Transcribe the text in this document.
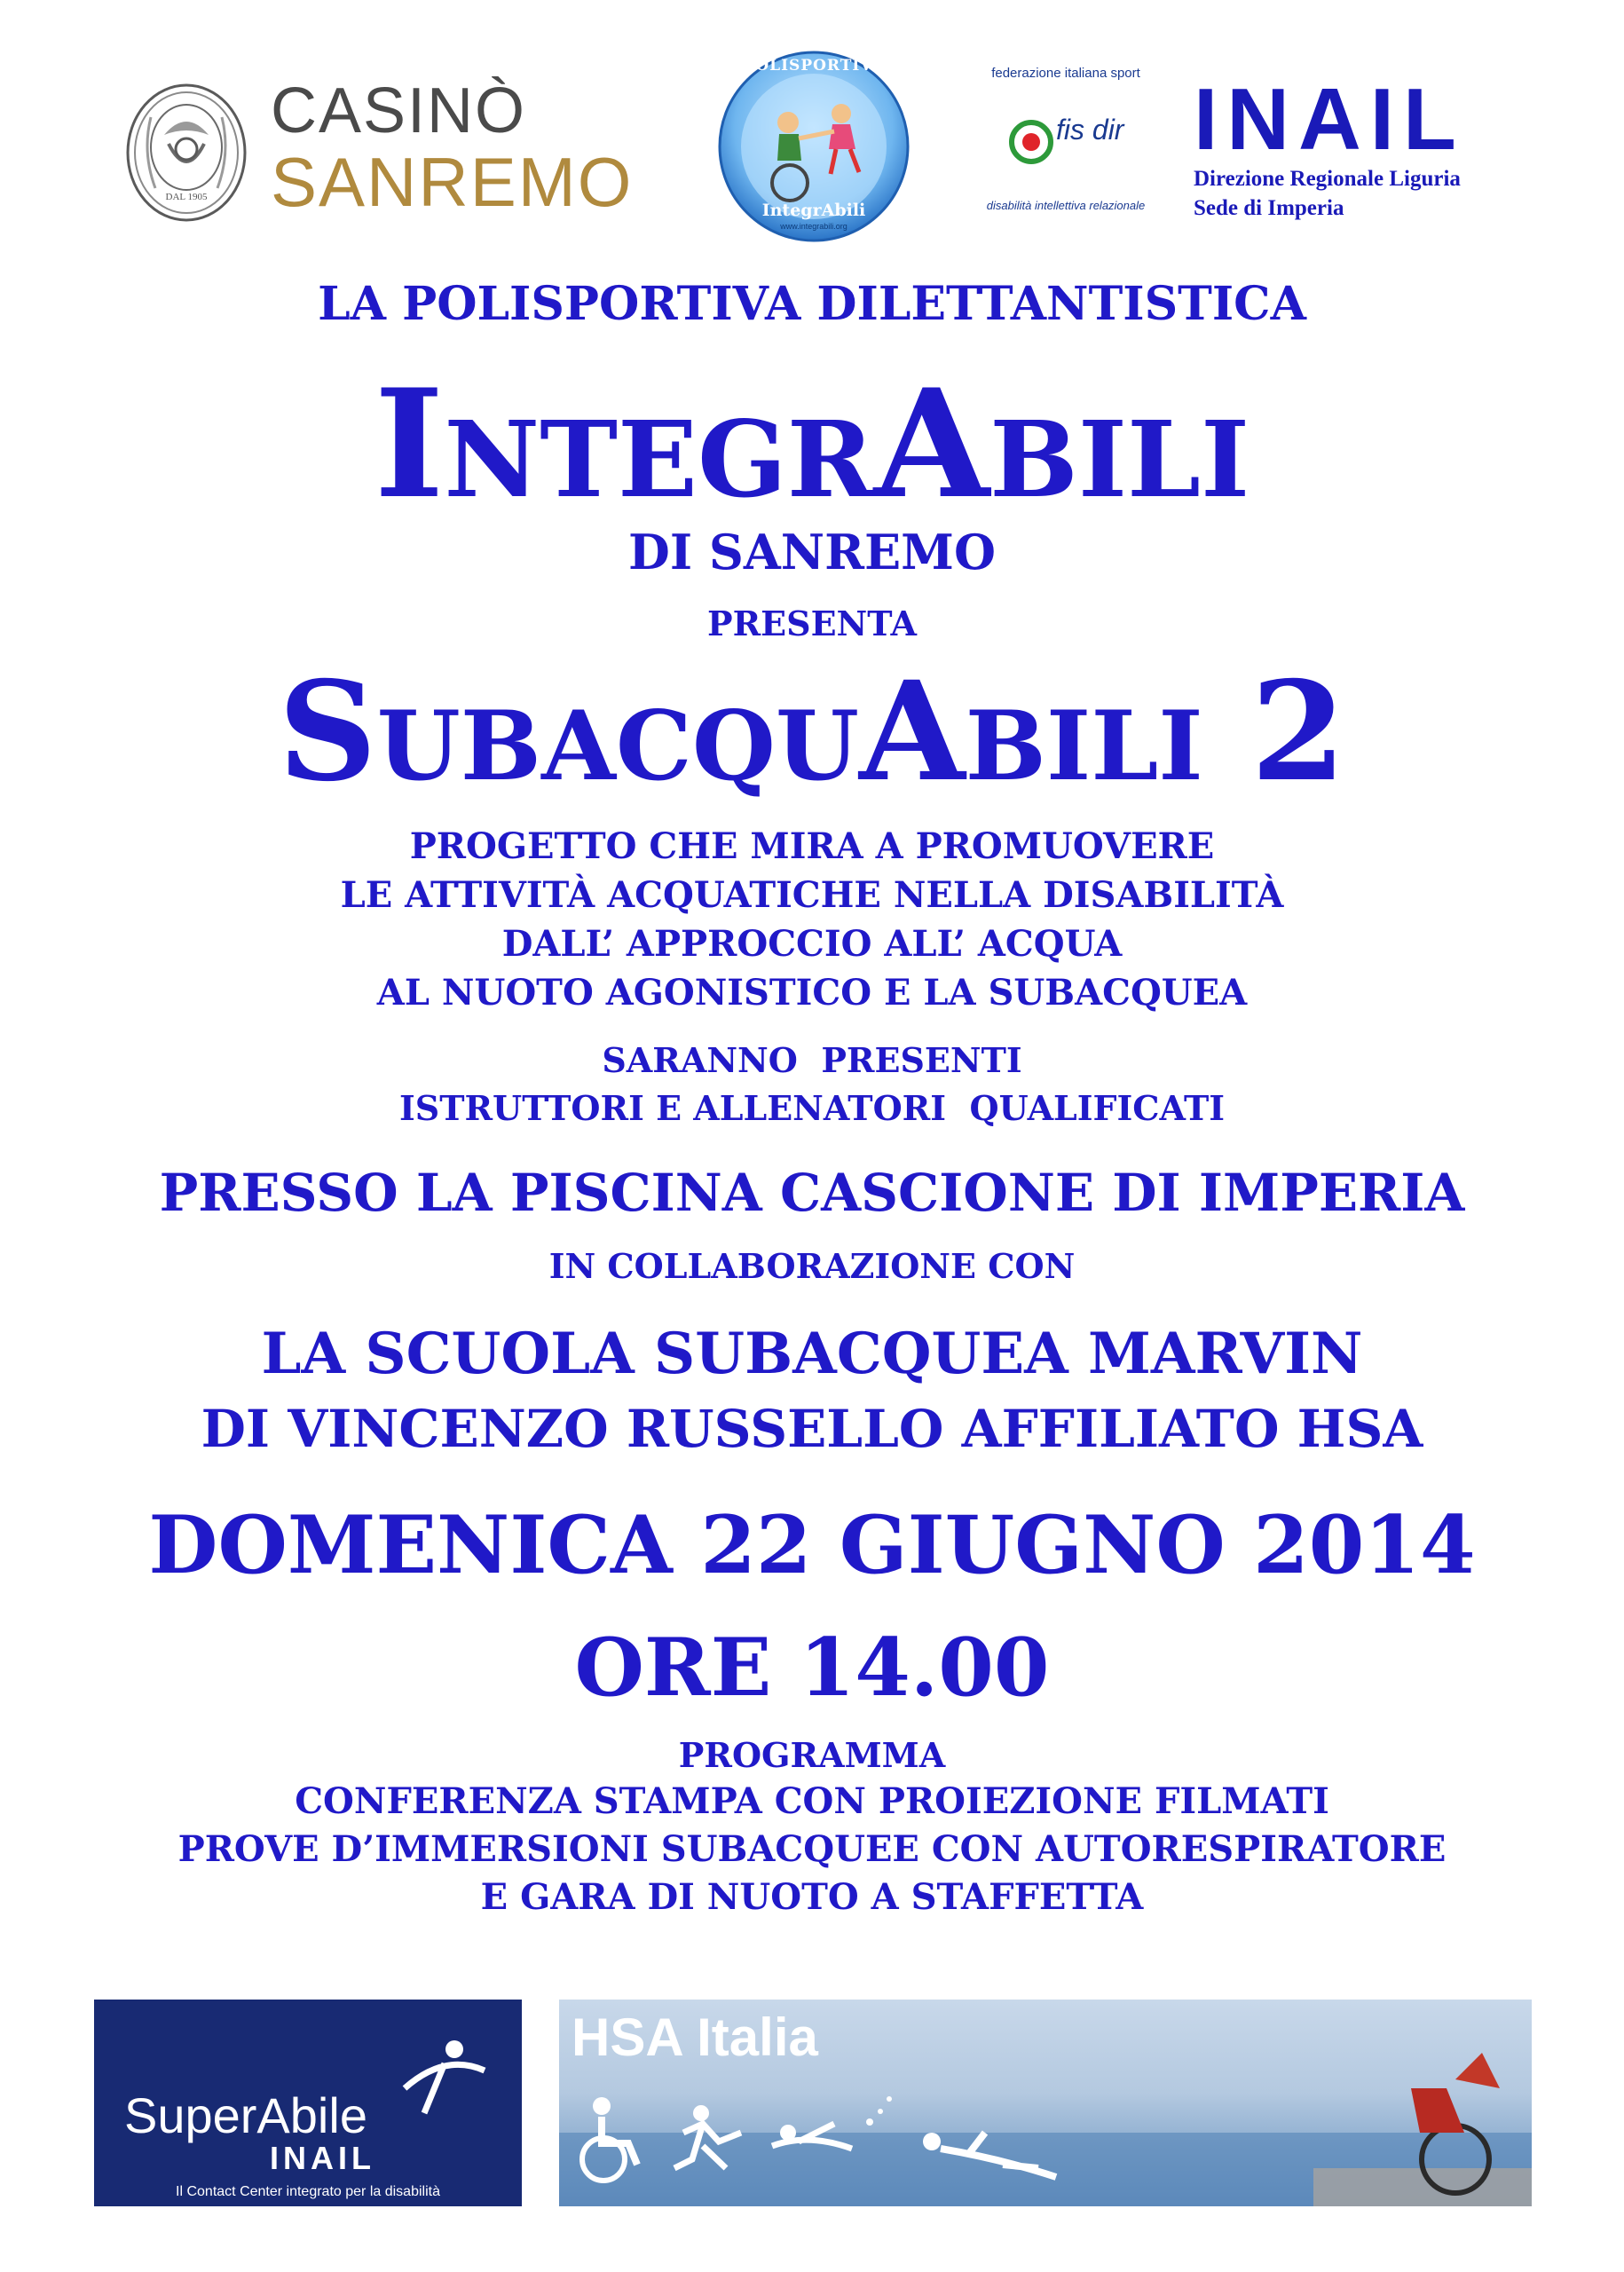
DAL 1905
CASINÒ
SANREMO
POLISPORTIVA
IntegrAbili
www.integrabili.org
federazione italiana sport
fis dir
disabilità intellettiva relazionale
INAIL
Direzione Regionale Liguria
Sede di Imperia
LA POLISPORTIVA DILETTANTISTICA
IntegrAbili
DI SANREMO
PRESENTA
SubacquAbili 2
PROGETTO CHE MIRA A PROMUOVERE
LE ATTIVITÀ ACQUATICHE NELLA DISABILITÀ
DALL’ APPROCCIO ALL’ ACQUA
AL NUOTO AGONISTICO E LA SUBACQUEA
SARANNO  PRESENTI
ISTRUTTORI E ALLENATORI  QUALIFICATI
PRESSO LA PISCINA CASCIONE DI IMPERIA
IN COLLABORAZIONE CON
LA SCUOLA SUBACQUEA MARVIN
DI VINCENZO RUSSELLO AFFILIATO HSA
DOMENICA 22 GIUGNO 2014
ORE 14.00
PROGRAMMA
CONFERENZA STAMPA CON PROIEZIONE FILMATI
PROVE D’IMMERSIONI SUBACQUEE CON AUTORESPIRATORE
E GARA DI NUOTO A STAFFETTA
SuperAbile
INAIL
Il Contact Center integrato per la disabilità
HSA Italia
